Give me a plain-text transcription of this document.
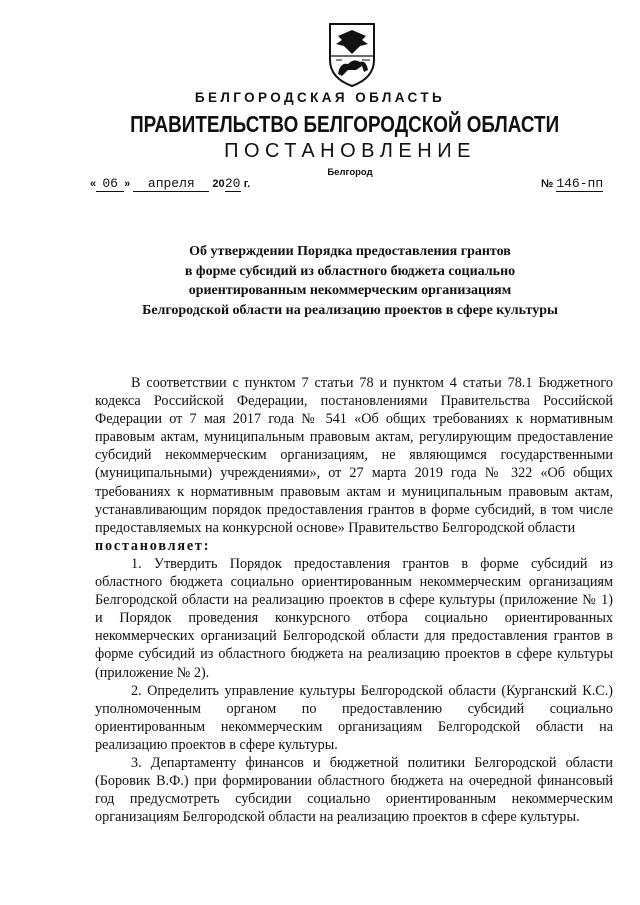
БЕЛГОРОДСКАЯ ОБЛАСТЬ
ПРАВИТЕЛЬСТВО БЕЛГОРОДСКОЙ ОБЛАСТИ
ПОСТАНОВЛЕНИЕ
Белгород
« 06 » апреля 2020 г.	№ 146-пп
Об утверждении Порядка предоставления грантов
в форме субсидий из областного бюджета социально
ориентированным некоммерческим организациям
Белгородской области на реализацию проектов в сфере культуры

В соответствии с пунктом 7 статьи 78 и пунктом 4 статьи 78.1 Бюджетного кодекса Российской Федерации, постановлениями Правительства Российской Федерации от 7 мая 2017 года № 541 «Об общих требованиях к нормативным правовым актам, муниципальным правовым актам, регулирующим предоставление субсидий некоммерческим организациям, не являющимся государственными (муниципальными) учреждениями», от 27 марта 2019 года № 322 «Об общих требованиях к нормативным правовым актам и муниципальным правовым актам, устанавливающим порядок предоставления грантов в форме субсидий, в том числе предоставляемых на конкурсной основе» Правительство Белгородской области

постановляет:

1. Утвердить Порядок предоставления грантов в форме субсидий из областного бюджета социально ориентированным некоммерческим организациям Белгородской области на реализацию проектов в сфере культуры (приложение № 1) и Порядок проведения конкурсного отбора социально ориентированных некоммерческих организаций Белгородской области для предоставления грантов в форме субсидий из областного бюджета на реализацию проектов в сфере культуры (приложение № 2).

2. Определить управление культуры Белгородской области (Курганский К.С.) уполномоченным органом по предоставлению субсидий социально ориентированным некоммерческим организациям Белгородской области на реализацию проектов в сфере культуры.

3. Департаменту финансов и бюджетной политики Белгородской области (Боровик В.Ф.) при формировании областного бюджета на очередной финансовый год предусмотреть субсидии социально ориентированным некоммерческим организациям Белгородской области на реализацию проектов в сфере культуры.
